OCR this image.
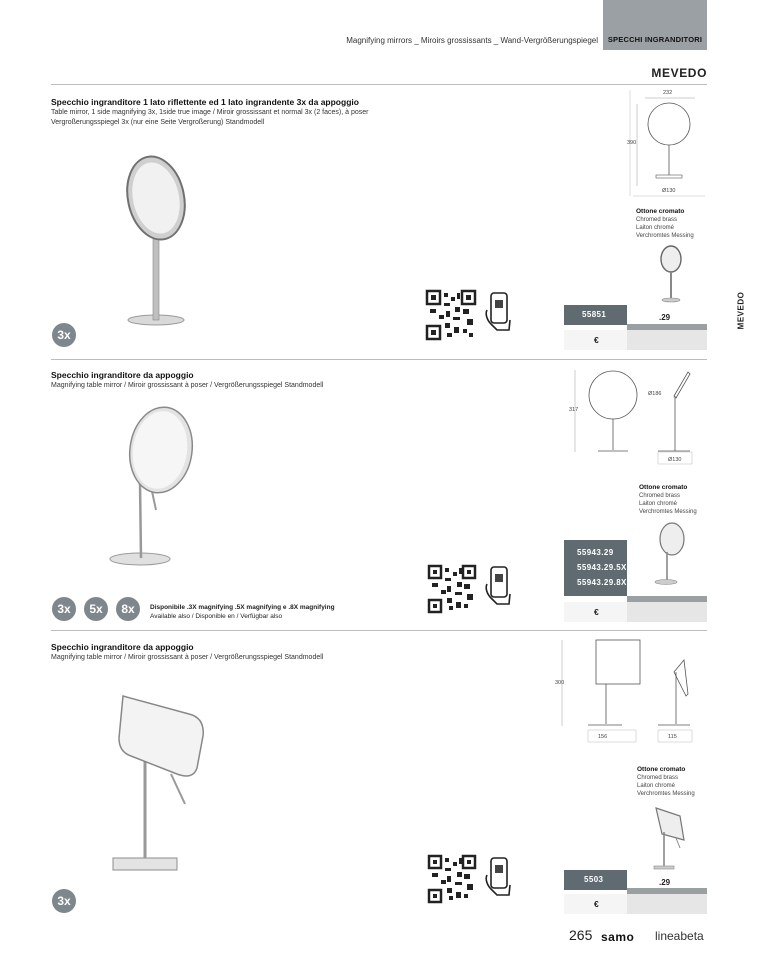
Magnifying mirrors _ Miroirs grossissants _ Wand-Vergrößerungspiegel	SPECCHI INGRANDITORI
MEVEDO
MEVEDO
Specchio ingranditore 1 lato riflettente ed 1 lato ingrandente 3x da appoggio
Table mirror, 1 side magnifying 3x, 1side true image / Miroir grossissant et normal 3x (2 faces), à poser Vergroßerungsspiegel 3x (nur eine Seite Vergroßerung) Standmodell
3x
232
390
Ø130
Ottone cromato
Chromed brass
Laiton chromé
Verchromtes Messing
55851	.29
€
Specchio ingranditore da appoggio
Magnifying table mirror / Miroir grossissant à poser / Vergrößerungsspiegel Standmodell
3x	5x	8x	Disponibile .3X magnifying .5X magnifying e .8X magnifying
Available also / Disponible en / Verfügbar also
Ø186
317
Ø130
Ottone cromato
Chromed brass
Laiton chromé
Verchromtes Messing
55943.29
55943.29.5X
55943.29.8X
€
Specchio ingranditore da appoggio
Magnifying table mirror / Miroir grossissant à poser / Vergrößerungsspiegel Standmodell
3x
300
156	115
Ottone cromato
Chromed brass
Laiton chromé
Verchromtes Messing
5503	.29
€
265 samo lineabeta
